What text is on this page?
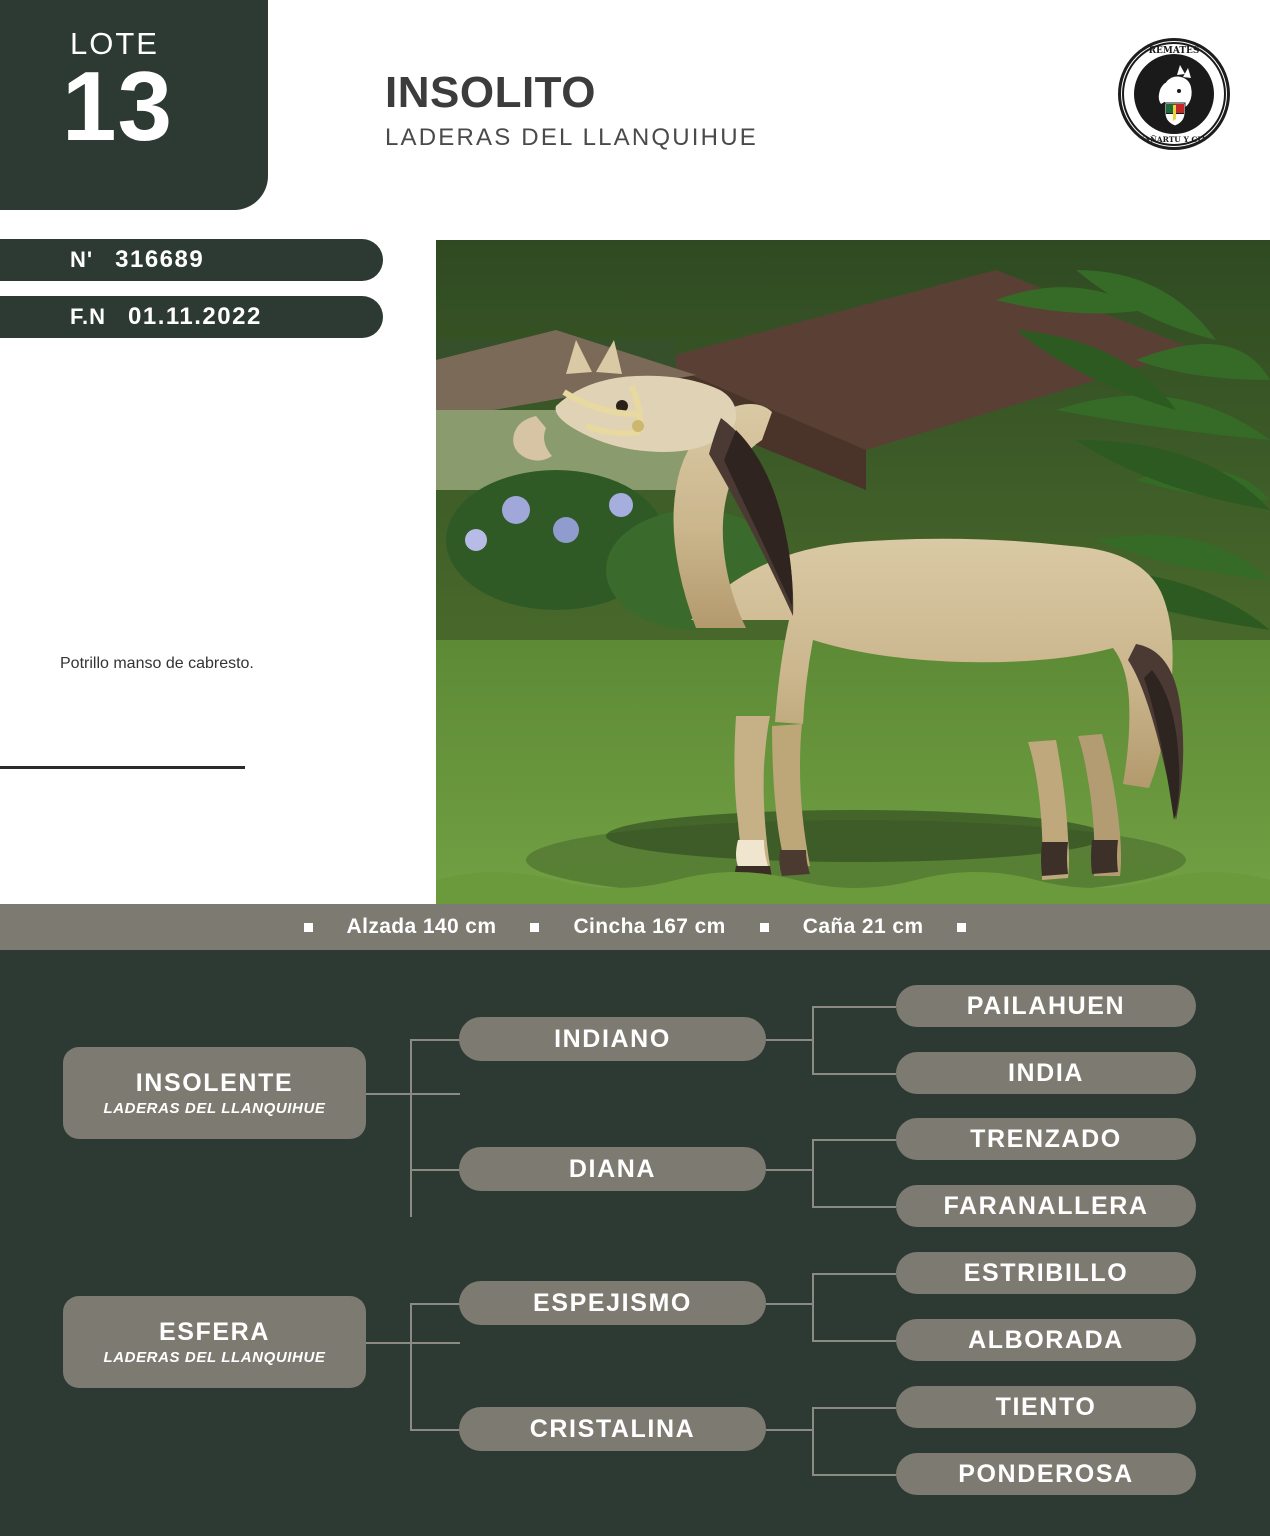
LOTE
13	INSOLITO
LADERAS DEL LLANQUIHUE
REMATES
ZAÑARTU Y CIA.
N' 316689
F.N 01.11.2022
Potrillo manso de cabresto.
Alzada 140 cm	Cincha 167 cm	Caña 21 cm
INSOLENTE
LADERAS DEL LLANQUIHUE
ESFERA
LADERAS DEL LLANQUIHUE
INDIANO
DIANA
ESPEJISMO
CRISTALINA
PAILAHUEN
INDIA
TRENZADO
FARANALLERA
ESTRIBILLO
ALBORADA
TIENTO
PONDEROSA
